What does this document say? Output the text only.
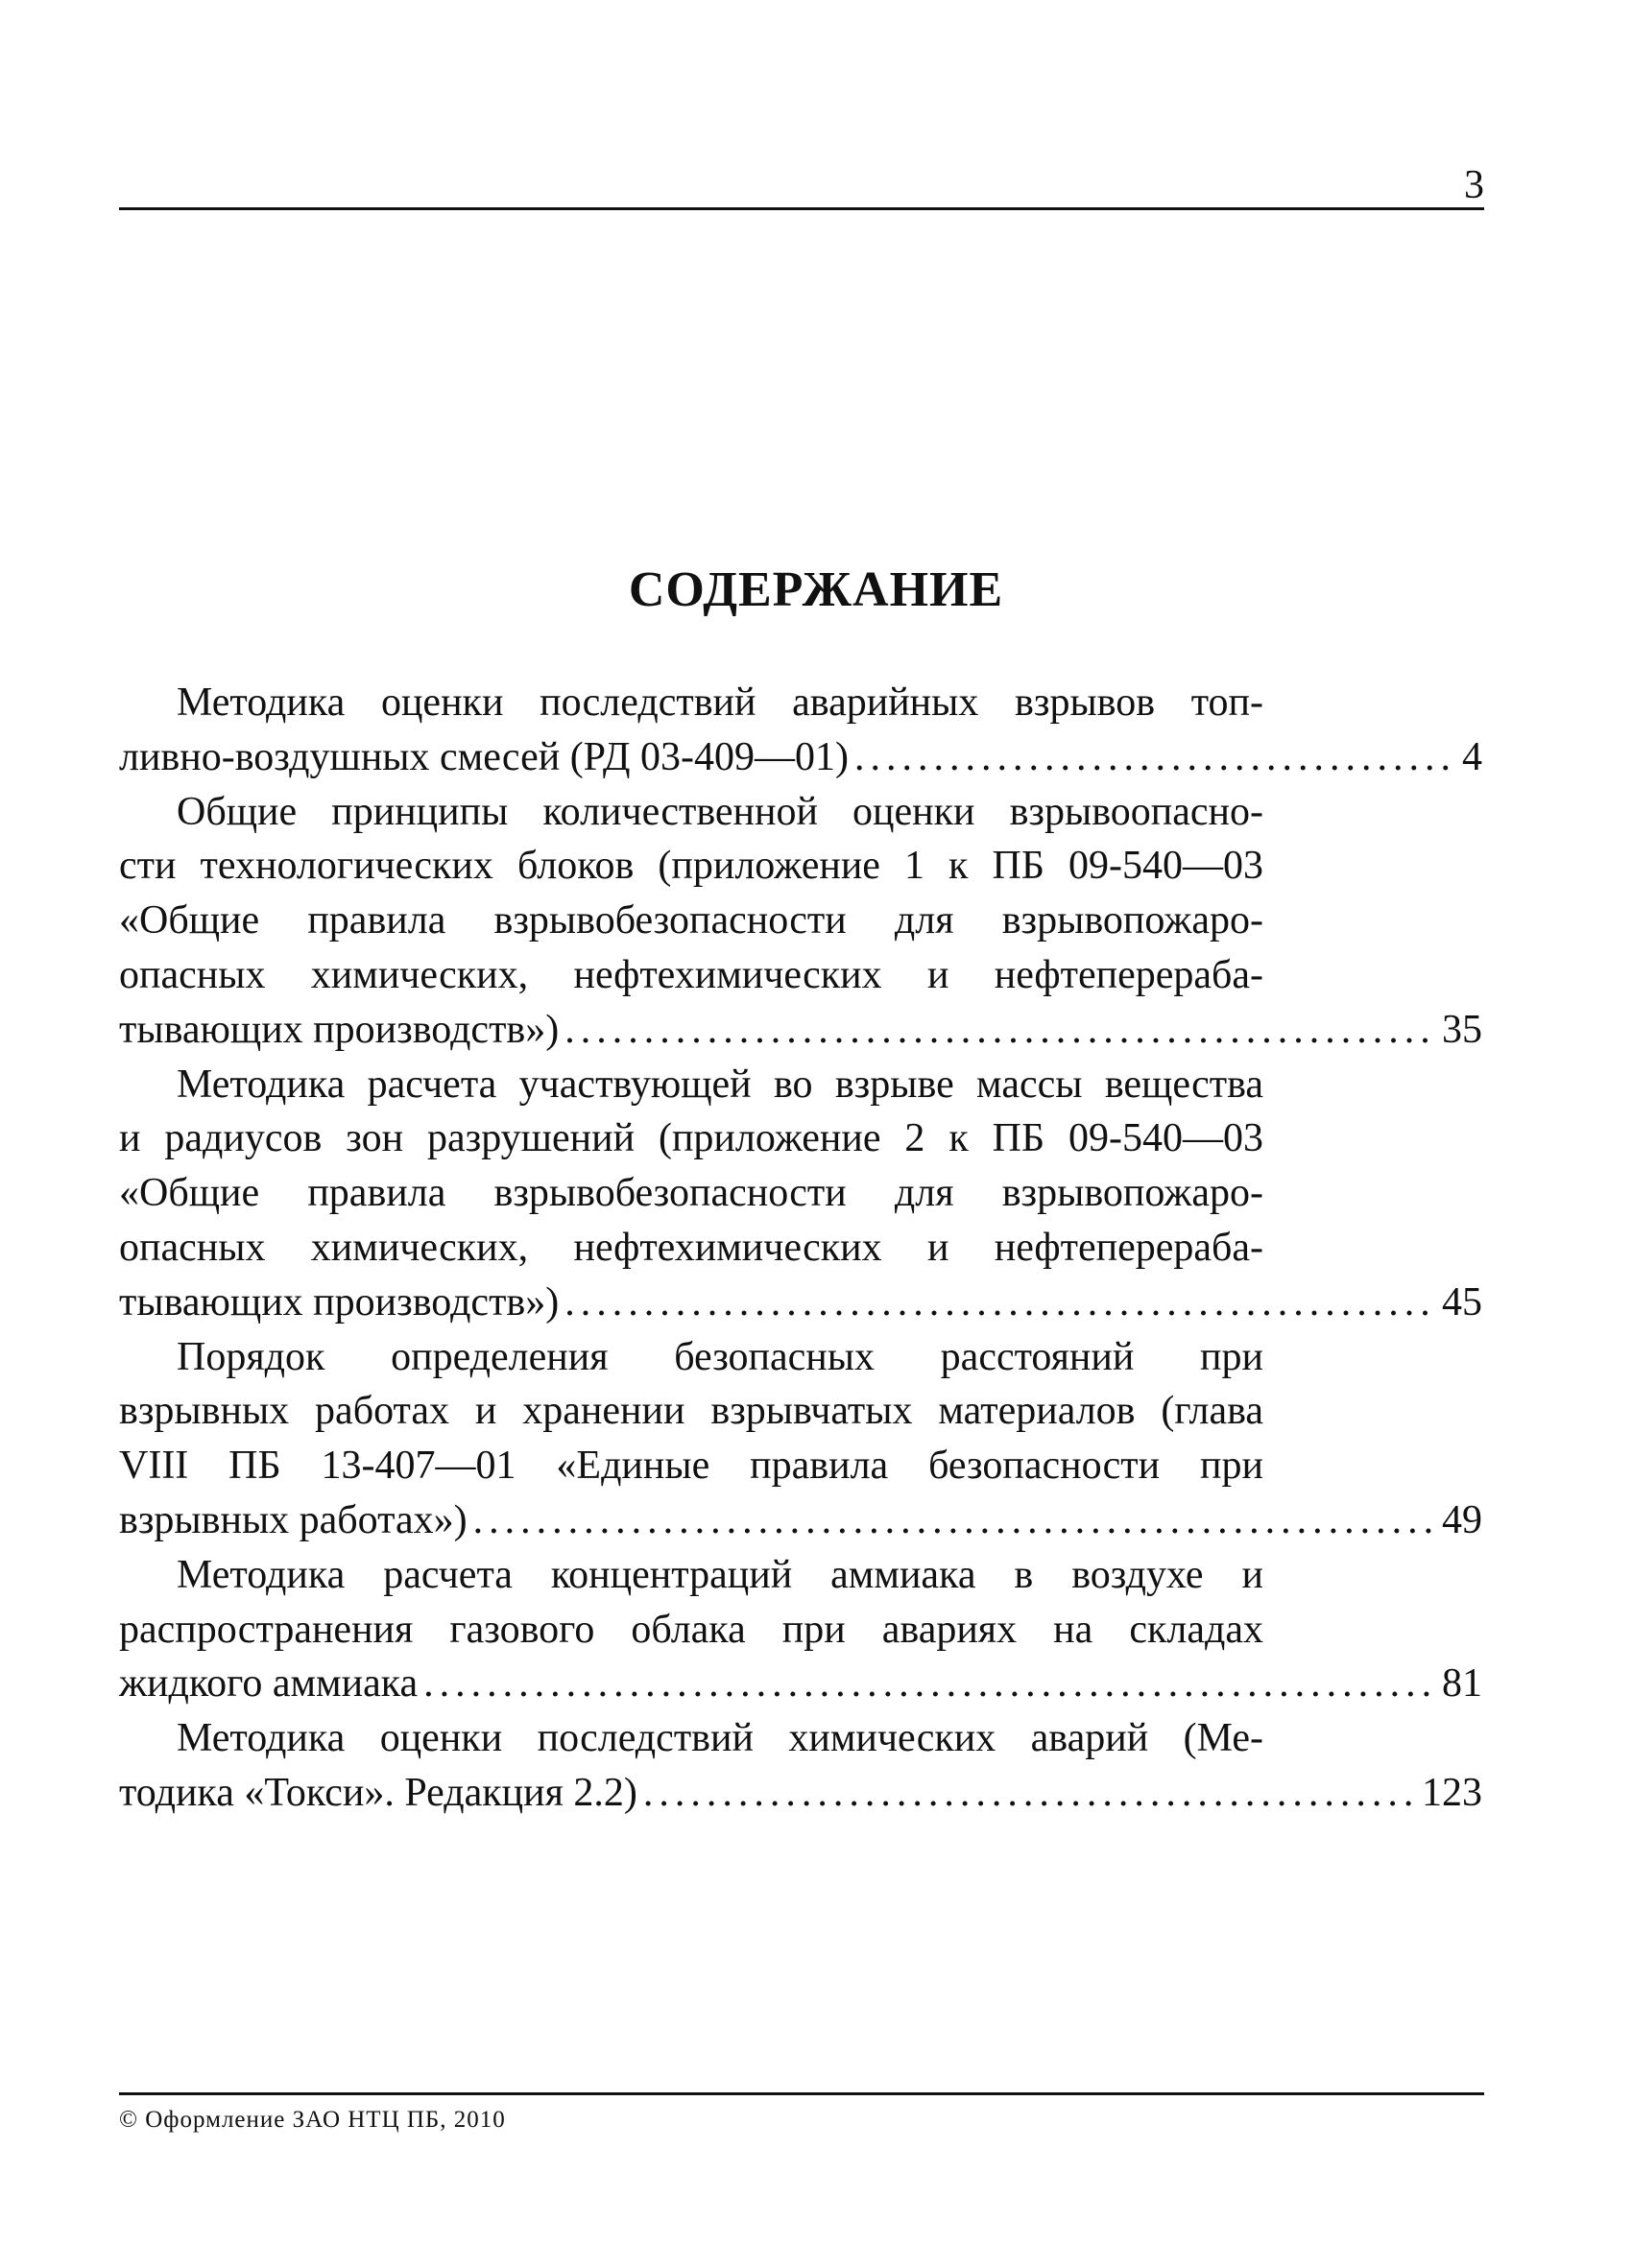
3
СОДЕРЖАНИЕ
Методика оценки последствий аварийных взрывов топ-
ливно-воздушных смесей (РД 03-409—01) .....	4
Общие принципы количественной оценки взрывоопасно-
сти технологических блоков (приложение 1 к ПБ 09-540—03
«Общие правила взрывобезопасности для взрывопожаро-
опасных химических, нефтехимических и нефтеперераба-
тывающих производств») .....	35
Методика расчета участвующей во взрыве массы вещества
и радиусов зон разрушений (приложение 2 к ПБ 09-540—03
«Общие правила взрывобезопасности для взрывопожаро-
опасных химических, нефтехимических и нефтеперераба-
тывающих производств») .....	45
Порядок определения безопасных расстояний при
взрывных работах и хранении взрывчатых материалов (глава
VIII ПБ 13-407—01 «Единые правила безопасности при
взрывных работах») .....	49
Методика расчета концентраций аммиака в воздухе и
распространения газового облака при авариях на складах
жидкого аммиака .....	81
Методика оценки последствий химических аварий (Ме-
тодика «Токси». Редакция 2.2) .....	123
© Оформление ЗАО НТЦ ПБ, 2010
